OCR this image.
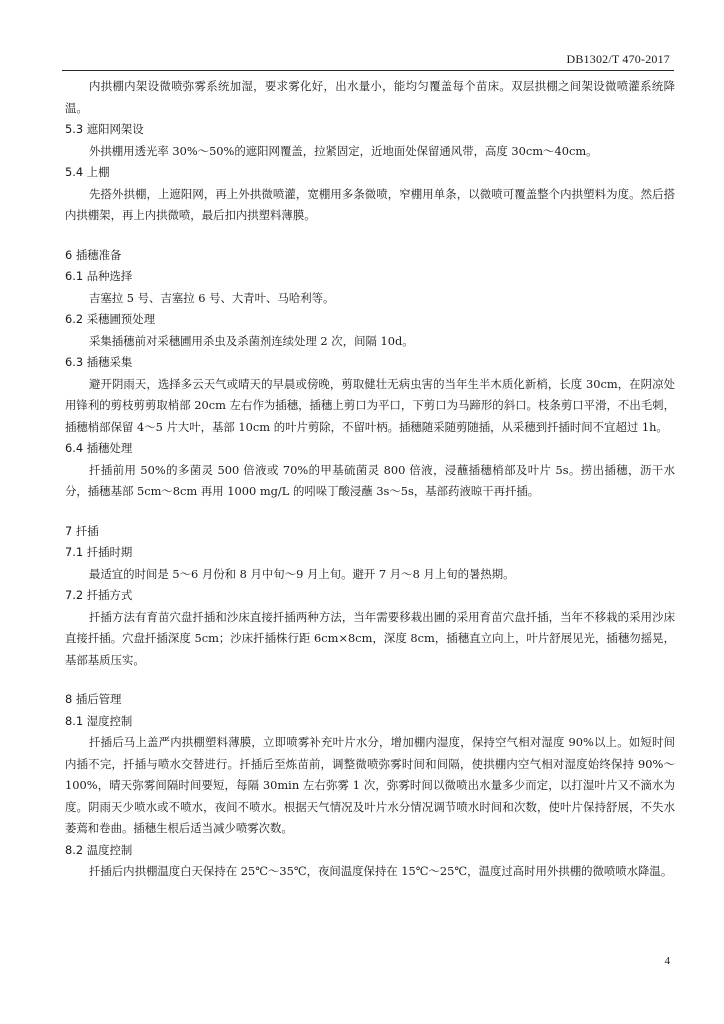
DB1302/T 470-2017

内拱棚内架设微喷弥雾系统加湿，要求雾化好，出水量小，能均匀覆盖每个苗床。双层拱棚之间架设微喷灌系统降温。

5.3 遮阳网架设

外拱棚用透光率 30%～50%的遮阳网覆盖，拉紧固定，近地面处保留通风带，高度 30cm～40cm。

5.4 上棚

先搭外拱棚，上遮阳网，再上外拱微喷灌，宽棚用多条微喷，窄棚用单条，以微喷可覆盖整个内拱塑料为度。然后搭内拱棚架，再上内拱微喷，最后扣内拱塑料薄膜。

6 插穗准备
6.1 品种选择

吉塞拉 5 号、吉塞拉 6 号、大青叶、马哈利等。

6.2 采穗圃预处理

采集插穗前对采穗圃用杀虫及杀菌剂连续处理 2 次，间隔 10d。

6.3 插穗采集

避开阴雨天，选择多云天气或晴天的早晨或傍晚，剪取健壮无病虫害的当年生半木质化新梢，长度 30cm，在阴凉处用锋利的剪枝剪剪取梢部 20cm 左右作为插穗，插穗上剪口为平口，下剪口为马蹄形的斜口。枝条剪口平滑，不出毛刺，插穗梢部保留 4～5 片大叶，基部 10cm 的叶片剪除，不留叶柄。插穗随采随剪随插，从采穗到扦插时间不宜超过 1h。

6.4 插穗处理

扦插前用 50%的多菌灵 500 倍液或 70%的甲基硫菌灵 800 倍液，浸蘸插穗梢部及叶片 5s。捞出插穗，沥干水分，插穗基部 5cm～8cm 再用 1000 mg/L 的吲哚丁酸浸蘸 3s～5s，基部药液晾干再扦插。

7 扦插
7.1 扦插时期

最适宜的时间是 5～6 月份和 8 月中旬～9 月上旬。避开 7 月～8 月上旬的暑热期。

7.2 扦插方式

扦插方法有育苗穴盘扦插和沙床直接扦插两种方法，当年需要移栽出圃的采用育苗穴盘扦插，当年不移栽的采用沙床直接扦插。穴盘扦插深度 5cm；沙床扦插株行距 6cm×8cm，深度 8cm，插穗直立向上，叶片舒展见光，插穗勿摇晃，基部基质压实。

8 插后管理
8.1 湿度控制

扦插后马上盖严内拱棚塑料薄膜，立即喷雾补充叶片水分，增加棚内湿度，保持空气相对湿度 90%以上。如短时间内插不完，扦插与喷水交替进行。扦插后至炼苗前，调整微喷弥雾时间和间隔，使拱棚内空气相对湿度始终保持 90%～100%，晴天弥雾间隔时间要短，每隔 30min 左右弥雾 1 次，弥雾时间以微喷出水量多少而定，以打湿叶片又不滴水为度。阴雨天少喷水或不喷水，夜间不喷水。根据天气情况及叶片水分情况调节喷水时间和次数，使叶片保持舒展，不失水萎蔫和卷曲。插穗生根后适当减少喷雾次数。

8.2 温度控制

扦插后内拱棚温度白天保持在 25℃～35℃，夜间温度保持在 15℃～25℃，温度过高时用外拱棚的微喷喷水降温。

4
